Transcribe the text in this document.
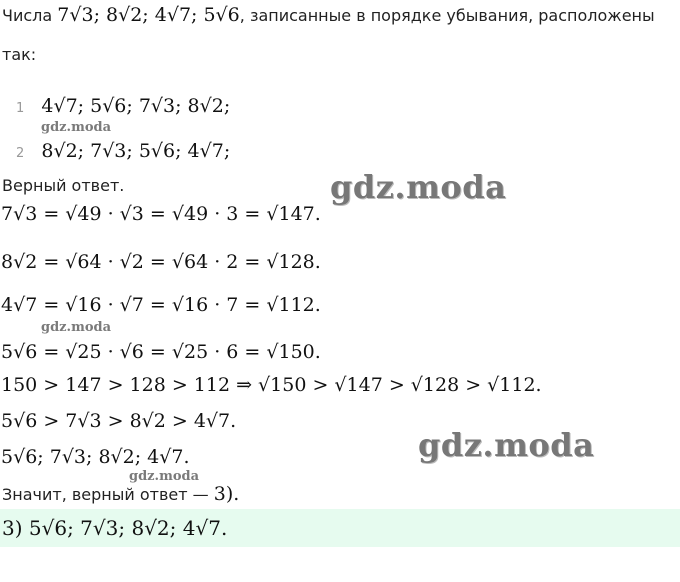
Числа 7√3; 8√2; 4√7; 5√6, записанные в порядке убывания, расположены
так:
1 4√7; 5√6; 7√3; 8√2;
gdz.moda
2 8√2; 7√3; 5√6; 4√7;
Верный ответ.	gdz.moda
7√3 = √49 · √3 = √49 · 3 = √147.
8√2 = √64 · √2 = √64 · 2 = √128.
4√7 = √16 · √7 = √16 · 7 = √112.
gdz.moda
5√6 = √25 · √6 = √25 · 6 = √150.
150 > 147 > 128 > 112 ⇒ √150 > √147 > √128 > √112.
5√6 > 7√3 > 8√2 > 4√7.
gdz.moda
5√6; 7√3; 8√2; 4√7.
gdz.moda
Значит, верный ответ — 3).
3) 5√6; 7√3; 8√2; 4√7.
